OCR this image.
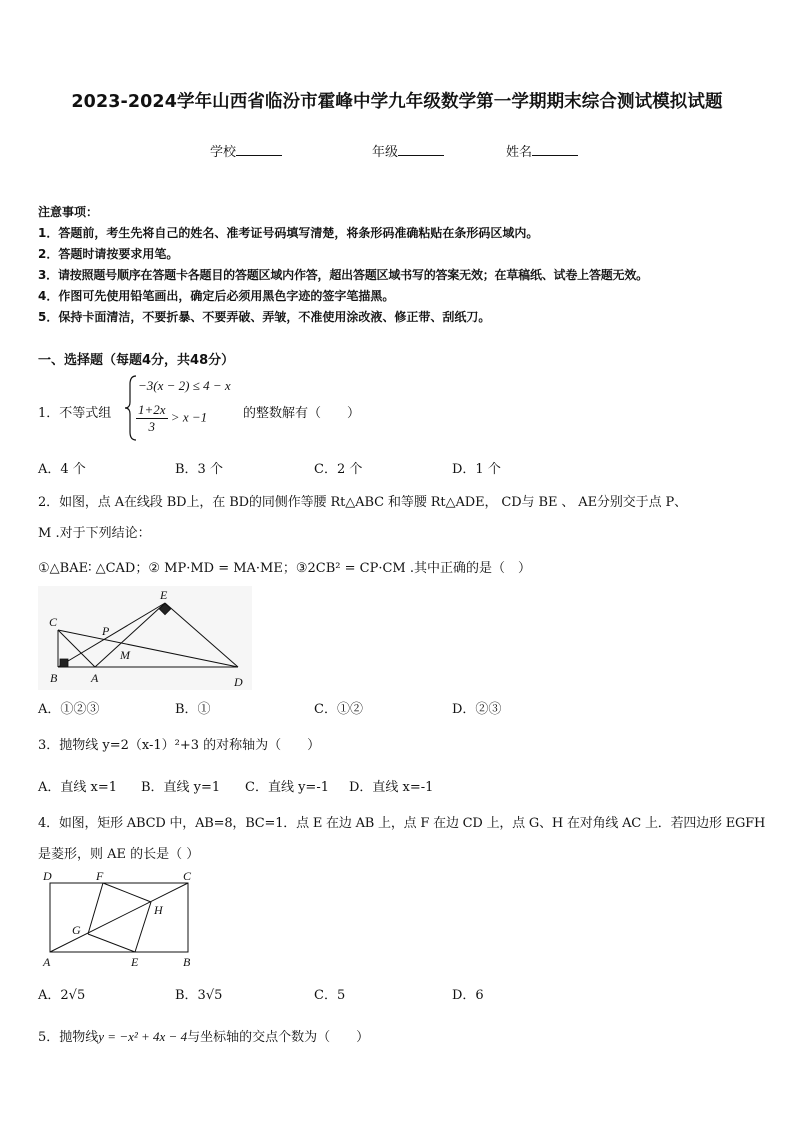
2023-2024学年山西省临汾市霍峰中学九年级数学第一学期期末综合测试模拟试题
学校	年级	姓名
注意事项：
1．答题前，考生先将自己的姓名、准考证号码填写清楚，将条形码准确粘贴在条形码区域内。
2．答题时请按要求用笔。
3．请按照题号顺序在答题卡各题目的答题区域内作答，超出答题区域书写的答案无效；在草稿纸、试卷上答题无效。
4．作图可先使用铅笔画出，确定后必须用黑色字迹的签字笔描黑。
5．保持卡面清洁，不要折暴、不要弄破、弄皱，不准使用涂改液、修正带、刮纸刀。
一、选择题（每题4分，共48分）
1．不等式组
−3(x − 2) ≤ 4 − x
$\frac{1+2x}{3} > x -1$	的整数解有（　　）
A．4 个	B．3 个	C．2 个	D．1 个
2．如图，点 A在线段 BD上，在 BD的同侧作等腰 Rt△ABC 和等腰 Rt△ADE， CD与 BE 、 AE分别交于点 P、
M .对于下列结论：
①△BAE∶ △CAD；② MP·MD = MA·ME；③2CB² = CP·CM .其中正确的是（　）
C
E
P
M
B	A	D
A．①②③	B．①	C．①②	D．②③
3．抛物线 y=2（x-1）²+3 的对称轴为（　　）
A．直线 x=1 B．直线 y=1 C．直线 y=-1 D．直线 x=-1
4．如图，矩形 ABCD 中，AB=8，BC=1．点 E 在边 AB 上，点 F 在边 CD 上，点 G、H 在对角线 AC 上．若四边形 EGFH
是菱形，则 AE 的长是（ ）
D	F	C
H
G
A	E	B
A．2√5	B．3√5	C．5	D．6
5．抛物线y = −x² + 4x − 4与坐标轴的交点个数为（　　）
